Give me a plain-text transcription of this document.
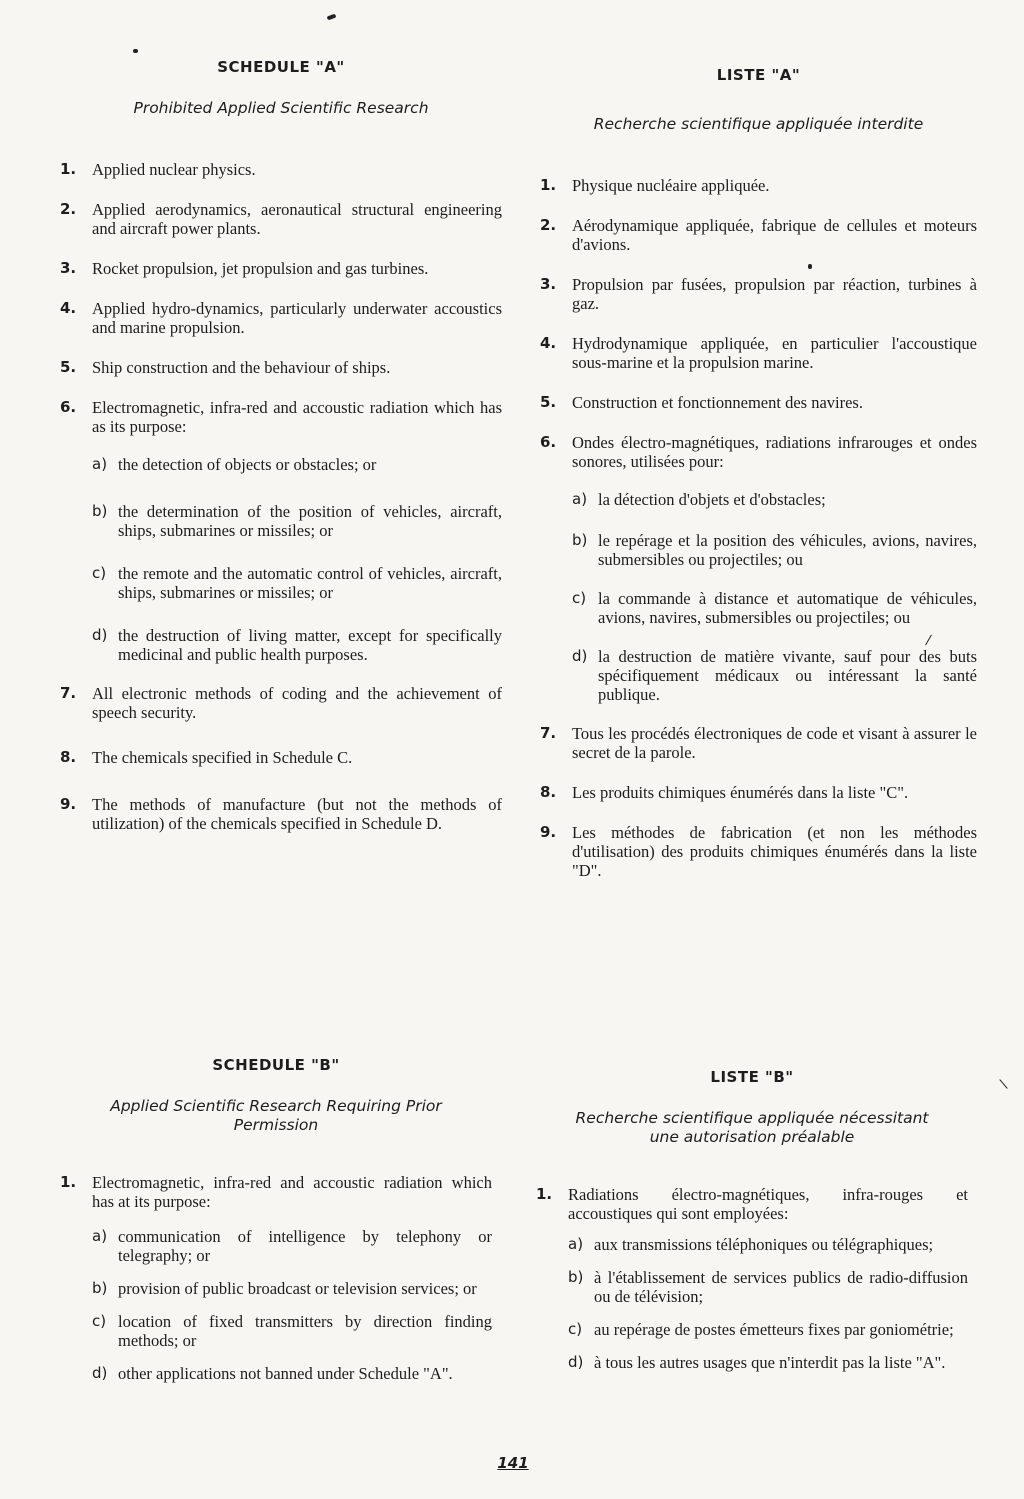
SCHEDULE "A"
Prohibited Applied Scientific Research
1. Applied nuclear physics.
2. Applied aerodynamics, aeronautical structural engineering and aircraft power plants.
3. Rocket propulsion, jet propulsion and gas turbines.
4. Applied hydro-dynamics, particularly underwater accoustics and marine propulsion.
5. Ship construction and the behaviour of ships.
6. Electromagnetic, infra-red and accoustic radiation which has as its purpose:
a) the detection of objects or obstacles; or
b) the determination of the position of vehicles, aircraft, ships, submarines or missiles; or
c) the remote and the automatic control of vehicles, aircraft, ships, submarines or missiles; or
d) the destruction of living matter, except for specifically medicinal and public health purposes.
7. All electronic methods of coding and the achievement of speech security.
8. The chemicals specified in Schedule C.
9. The methods of manufacture (but not the methods of utilization) of the chemicals specified in Schedule D.
LISTE "A"
Recherche scientifique appliquée interdite
1. Physique nucléaire appliquée.
2. Aérodynamique appliquée, fabrique de cellules et moteurs d'avions.
3. Propulsion par fusées, propulsion par réaction, turbines à gaz.
4. Hydrodynamique appliquée, en particulier l'accoustique sous-marine et la propulsion marine.
5. Construction et fonctionnement des navires.
6. Ondes électro-magnétiques, radiations infrarouges et ondes sonores, utilisées pour:
a) la détection d'objets et d'obstacles;
b) le repérage et la position des véhicules, avions, navires, submersibles ou projectiles; ou
c) la commande à distance et automatique de véhicules, avions, navires, submersibles ou projectiles; ou
d) la destruction de matière vivante, sauf pour des buts spécifiquement médicaux ou intéressant la santé publique.
7. Tous les procédés électroniques de code et visant à assurer le secret de la parole.
8. Les produits chimiques énumérés dans la liste "C".
9. Les méthodes de fabrication (et non les méthodes d'utilisation) des produits chimiques énumérés dans la liste "D".
SCHEDULE "B"
Applied Scientific Research Requiring Prior Permission
1. Electromagnetic, infra-red and accoustic radiation which has at its purpose:
a) communication of intelligence by telephony or telegraphy; or
b) provision of public broadcast or television services; or
c) location of fixed transmitters by direction finding methods; or
d) other applications not banned under Schedule "A".
LISTE "B"
Recherche scientifique appliquée nécessitant une autorisation préalable
1. Radiations électro-magnétiques, infra-rouges et accoustiques qui sont employées:
a) aux transmissions téléphoniques ou télégraphiques;
b) à l'établissement de services publics de radio-diffusion ou de télévision;
c) au repérage de postes émetteurs fixes par goniométrie;
d) à tous les autres usages que n'interdit pas la liste "A".
141
